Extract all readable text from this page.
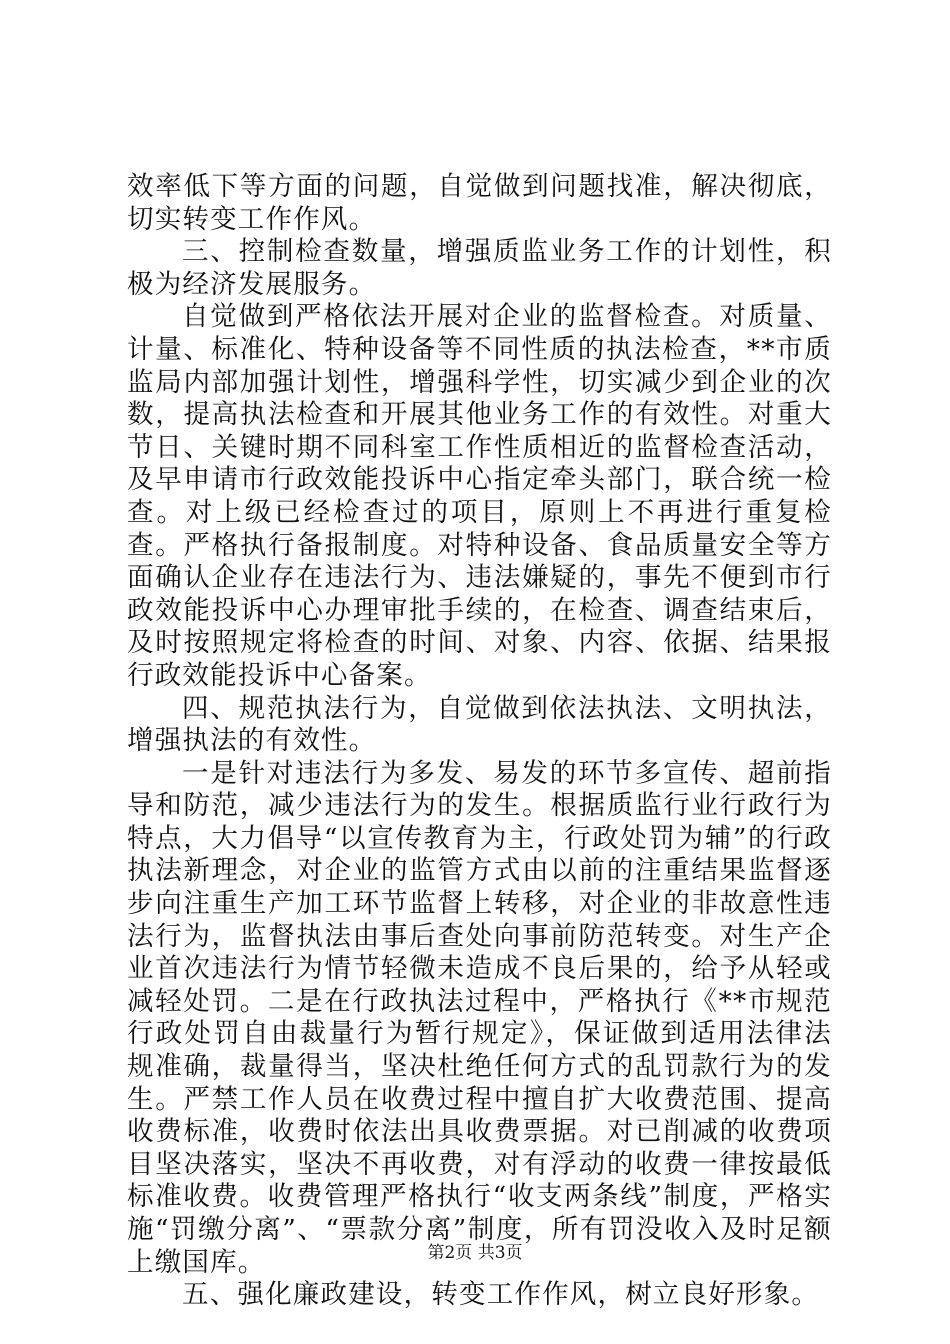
效率低下等方面的问题，自觉做到问题找准，解决彻底，切实转变工作作风。

三、控制检查数量，增强质监业务工作的计划性，积极为经济发展服务。

自觉做到严格依法开展对企业的监督检查。对质量、计量、标准化、特种设备等不同性质的执法检查，**市质监局内部加强计划性，增强科学性，切实减少到企业的次数，提高执法检查和开展其他业务工作的有效性。对重大节日、关键时期不同科室工作性质相近的监督检查活动，及早申请市行政效能投诉中心指定牵头部门，联合统一检查。对上级已经检查过的项目，原则上不再进行重复检查。严格执行备报制度。对特种设备、食品质量安全等方面确认企业存在违法行为、违法嫌疑的，事先不便到市行政效能投诉中心办理审批手续的，在检查、调查结束后，及时按照规定将检查的时间、对象、内容、依据、结果报行政效能投诉中心备案。

四、规范执法行为，自觉做到依法执法、文明执法，增强执法的有效性。

一是针对违法行为多发、易发的环节多宣传、超前指导和防范，减少违法行为的发生。根据质监行业行政行为特点，大力倡导“以宣传教育为主，行政处罚为辅”的行政执法新理念，对企业的监管方式由以前的注重结果监督逐步向注重生产加工环节监督上转移，对企业的非故意性违法行为，监督执法由事后查处向事前防范转变。对生产企业首次违法行为情节轻微未造成不良后果的，给予从轻或减轻处罚。二是在行政执法过程中，严格执行《**市规范行政处罚自由裁量行为暂行规定》，保证做到适用法律法规准确，裁量得当，坚决杜绝任何方式的乱罚款行为的发生。严禁工作人员在收费过程中擅自扩大收费范围、提高收费标准，收费时依法出具收费票据。对已削减的收费项目坚决落实，坚决不再收费，对有浮动的收费一律按最低标准收费。收费管理严格执行“收支两条线”制度，严格实施“罚缴分离”、“票款分离”制度，所有罚没收入及时足额上缴国库。

五、强化廉政建设，转变工作作风，树立良好形象。

第2页 共3页
